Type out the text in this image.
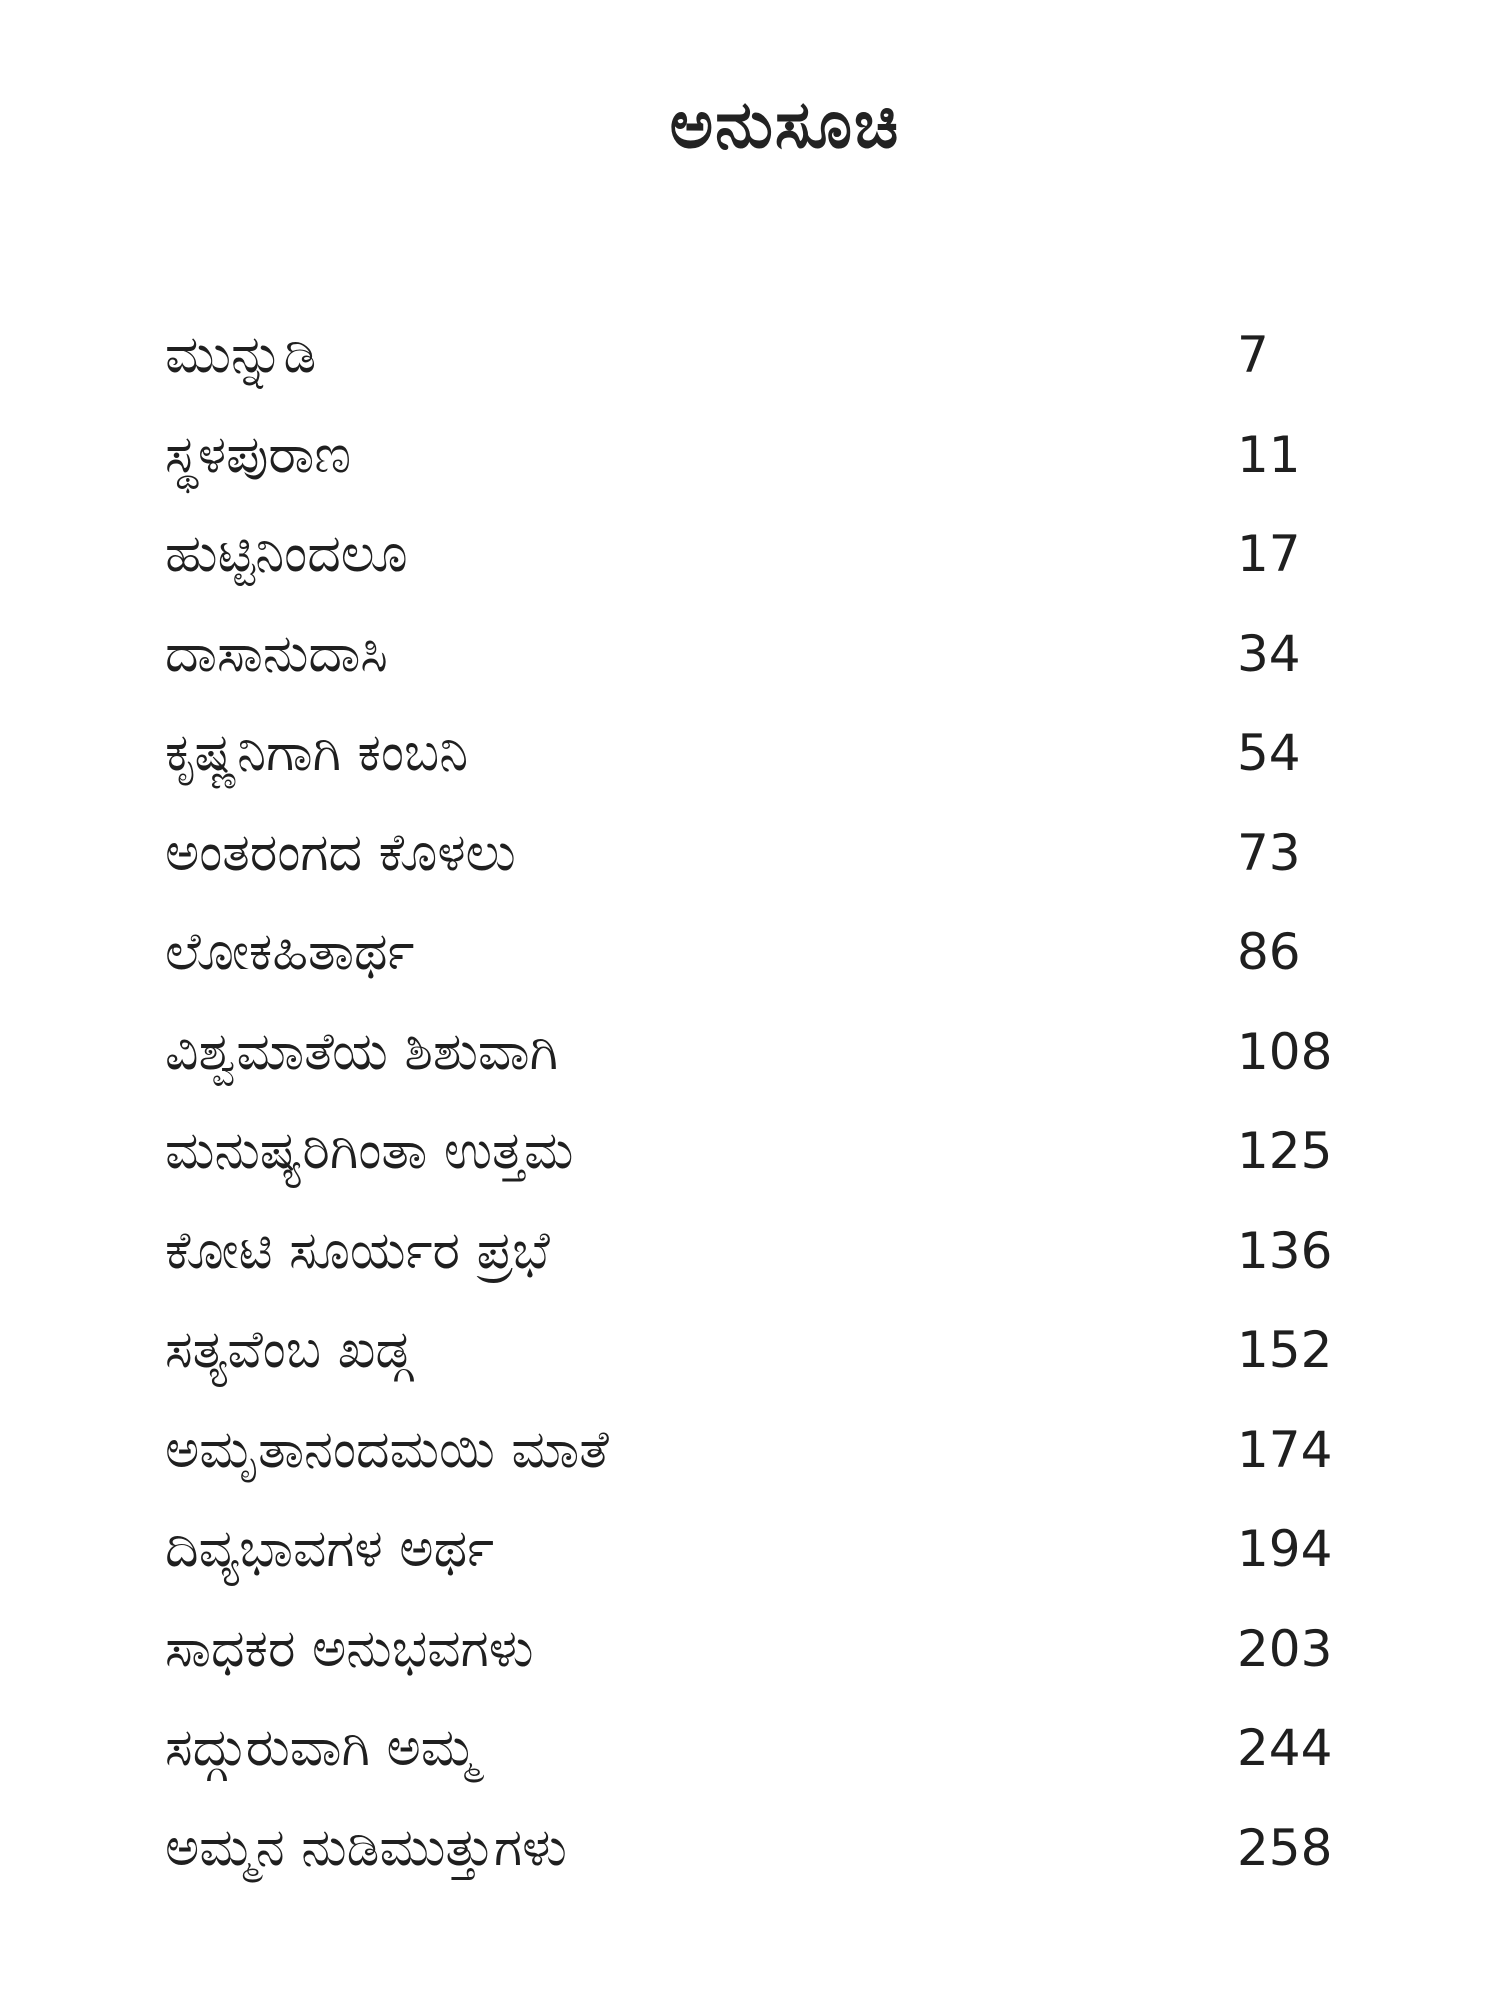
ಅನುಸೂಚಿ
ಮುನ್ನುಡಿ	7
ಸ್ಥಳಪುರಾಣ	11
ಹುಟ್ಟಿನಿಂದಲೂ	17
ದಾಸಾನುದಾಸಿ	34
ಕೃಷ್ಣನಿಗಾಗಿ ಕಂಬನಿ	54
ಅಂತರಂಗದ ಕೊಳಲು	73
ಲೋಕಹಿತಾರ್ಥ	86
ವಿಶ್ವಮಾತೆಯ ಶಿಶುವಾಗಿ	108
ಮನುಷ್ಯರಿಗಿಂತಾ ಉತ್ತಮ	125
ಕೋಟಿ ಸೂರ್ಯರ ಪ್ರಭೆ	136
ಸತ್ಯವೆಂಬ ಖಡ್ಗ	152
ಅಮೃತಾನಂದಮಯಿ ಮಾತೆ	174
ದಿವ್ಯಭಾವಗಳ ಅರ್ಥ	194
ಸಾಧಕರ ಅನುಭವಗಳು	203
ಸದ್ಗುರುವಾಗಿ ಅಮ್ಮ	244
ಅಮ್ಮನ ನುಡಿಮುತ್ತುಗಳು	258
